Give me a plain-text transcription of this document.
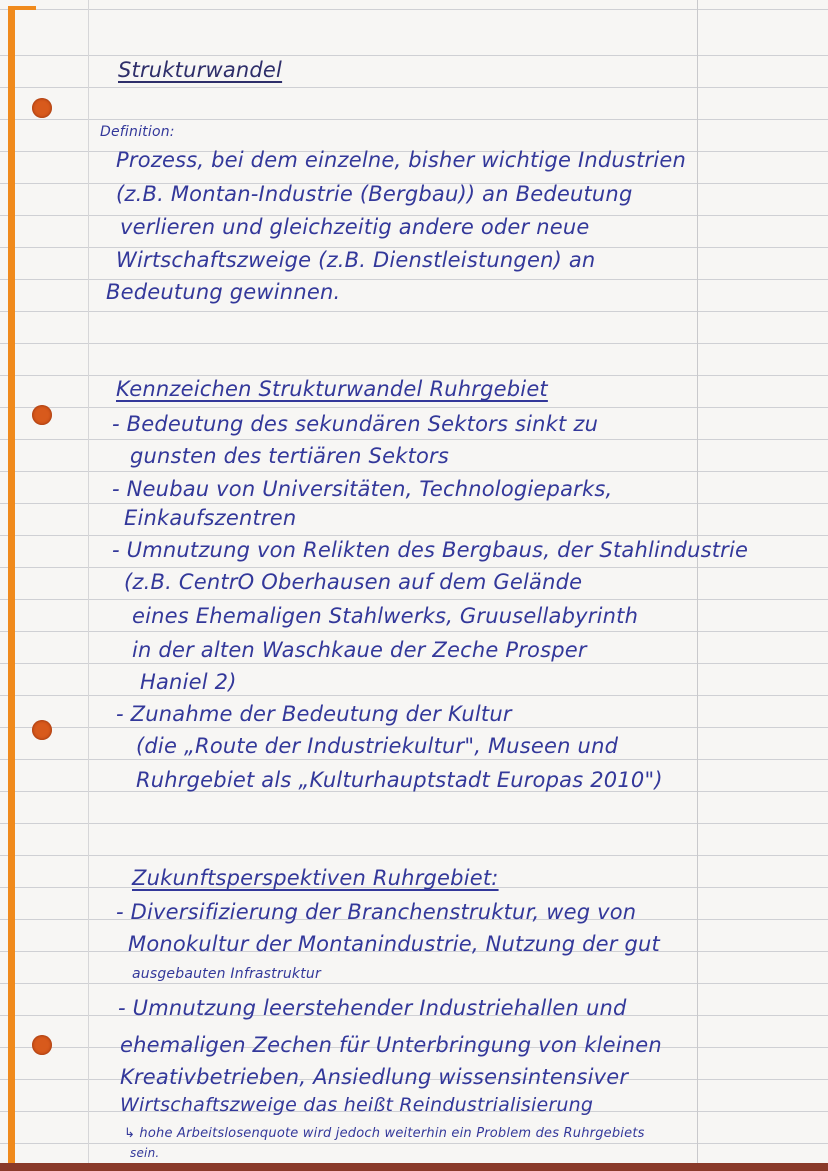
Strukturwandel
Definition:
Prozess, bei dem einzelne, bisher wichtige Industrien
(z.B. Montan-Industrie (Bergbau)) an Bedeutung
verlieren und gleichzeitig andere oder neue
Wirtschaftszweige (z.B. Dienstleistungen) an
Bedeutung gewinnen.
Kennzeichen Strukturwandel Ruhrgebiet
- Bedeutung des sekundären Sektors sinkt zu
gunsten des tertiären Sektors
- Neubau von Universitäten, Technologieparks,
Einkaufszentren
- Umnutzung von Relikten des Bergbaus, der Stahlindustrie
(z.B. CentrO Oberhausen auf dem Gelände
eines Ehemaligen Stahlwerks, Gruusellabyrinth
in der alten Waschkaue der Zeche Prosper
Haniel 2)
- Zunahme der Bedeutung der Kultur
(die „Route der Industriekultur", Museen und
Ruhrgebiet als „Kulturhauptstadt Europas 2010")
Zukunftsperspektiven Ruhrgebiet:
- Diversifizierung der Branchenstruktur, weg von
Monokultur der Montanindustrie, Nutzung der gut
ausgebauten Infrastruktur
- Umnutzung leerstehender Industriehallen und
ehemaligen Zechen für Unterbringung von kleinen
Kreativbetrieben, Ansiedlung wissensintensiver
Wirtschaftszweige das heißt Reindustrialisierung
↳ hohe Arbeitslosenquote wird jedoch weiterhin ein Problem des Ruhrgebiets
sein.
